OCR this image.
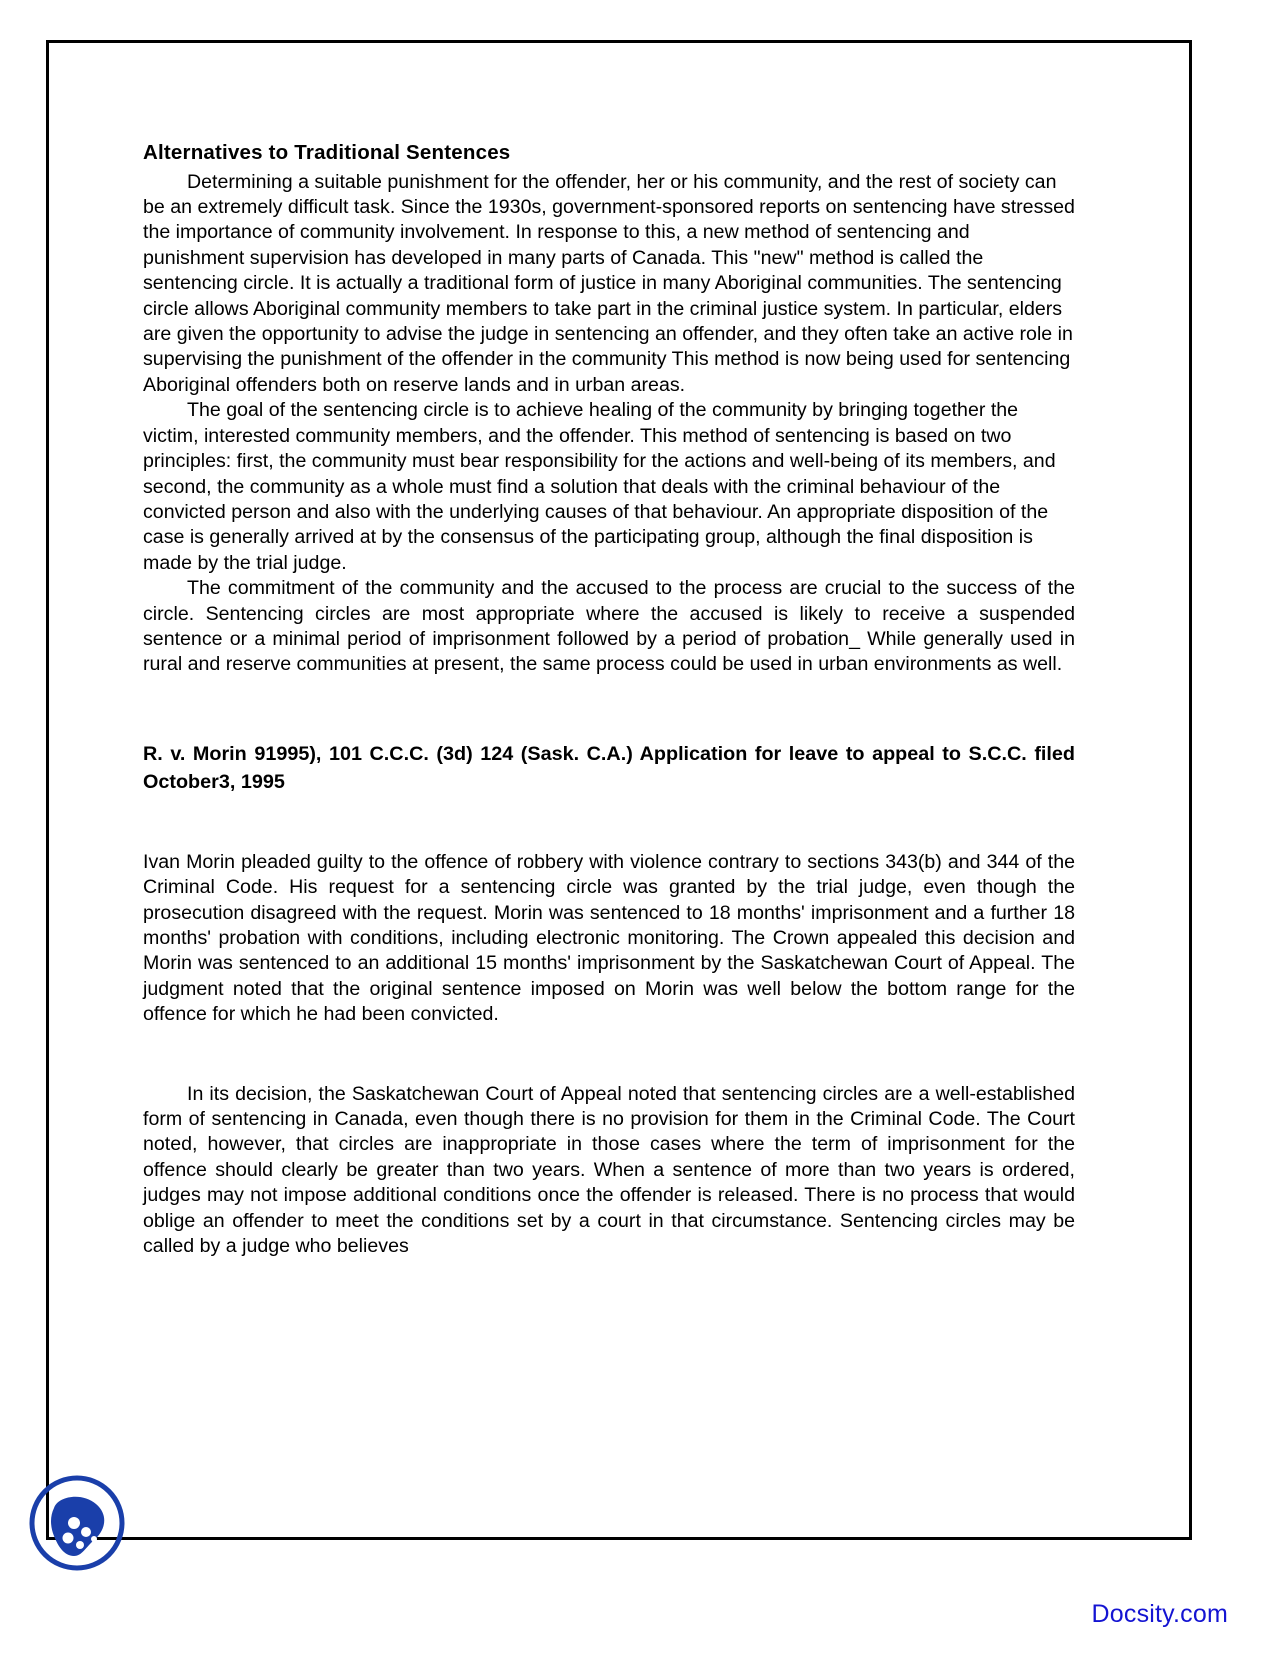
Alternatives to Traditional Sentences

Determining a suitable punishment for the offender, her or his community, and the rest of society can be an extremely difficult task. Since the 1930s, government-sponsored reports on sentencing have stressed the importance of community involvement. In response to this, a new method of sentencing and punishment supervision has developed in many parts of Canada. This "new" method is called the sentencing circle. It is actually a traditional form of justice in many Aboriginal communities. The sentencing circle allows Aboriginal community members to take part in the criminal justice system. In particular, elders are given the opportunity to advise the judge in sentencing an offender, and they often take an active role in supervising the punishment of the offender in the community This method is now being used for sentencing Aboriginal offenders both on reserve lands and in urban areas.

The goal of the sentencing circle is to achieve healing of the community by bringing together the victim, interested community members, and the offender. This method of sentencing is based on two principles: first, the community must bear responsibility for the actions and well-being of its members, and second, the community as a whole must find a solution that deals with the criminal behaviour of the convicted person and also with the underlying causes of that behaviour. An appropriate disposition of the case is generally arrived at by the consensus of the participating group, although the final disposition is made by the trial judge.

The commitment of the community and the accused to the process are crucial to the success of the circle. Sentencing circles are most appropriate where the accused is likely to receive a suspended sentence or a minimal period of imprisonment followed by a period of probation_ While generally used in rural and reserve communities at present, the same process could be used in urban environments as well.

R. v. Morin 91995), 101 C.C.C. (3d) 124 (Sask. C.A.) Application for leave to appeal to S.C.C. filed October3, 1995

Ivan Morin pleaded guilty to the offence of robbery with violence contrary to sections 343(b) and 344 of the Criminal Code. His request for a sentencing circle was granted by the trial judge, even though the prosecution disagreed with the request. Morin was sentenced to 18 months' imprisonment and a further 18 months' probation with conditions, including electronic monitoring. The Crown appealed this decision and Morin was sentenced to an additional 15 months' imprisonment by the Saskatchewan Court of Appeal. The judgment noted that the original sentence imposed on Morin was well below the bottom range for the offence for which he had been convicted.

In its decision, the Saskatchewan Court of Appeal noted that sentencing circles are a well-established form of sentencing in Canada, even though there is no provision for them in the Criminal Code. The Court noted, however, that circles are inappropriate in those cases where the term of imprisonment for the offence should clearly be greater than two years. When a sentence of more than two years is ordered, judges may not impose additional conditions once the offender is released. There is no process that would oblige an offender to meet the conditions set by a court in that circumstance. Sentencing circles may be called by a judge who believes

Docsity.com
